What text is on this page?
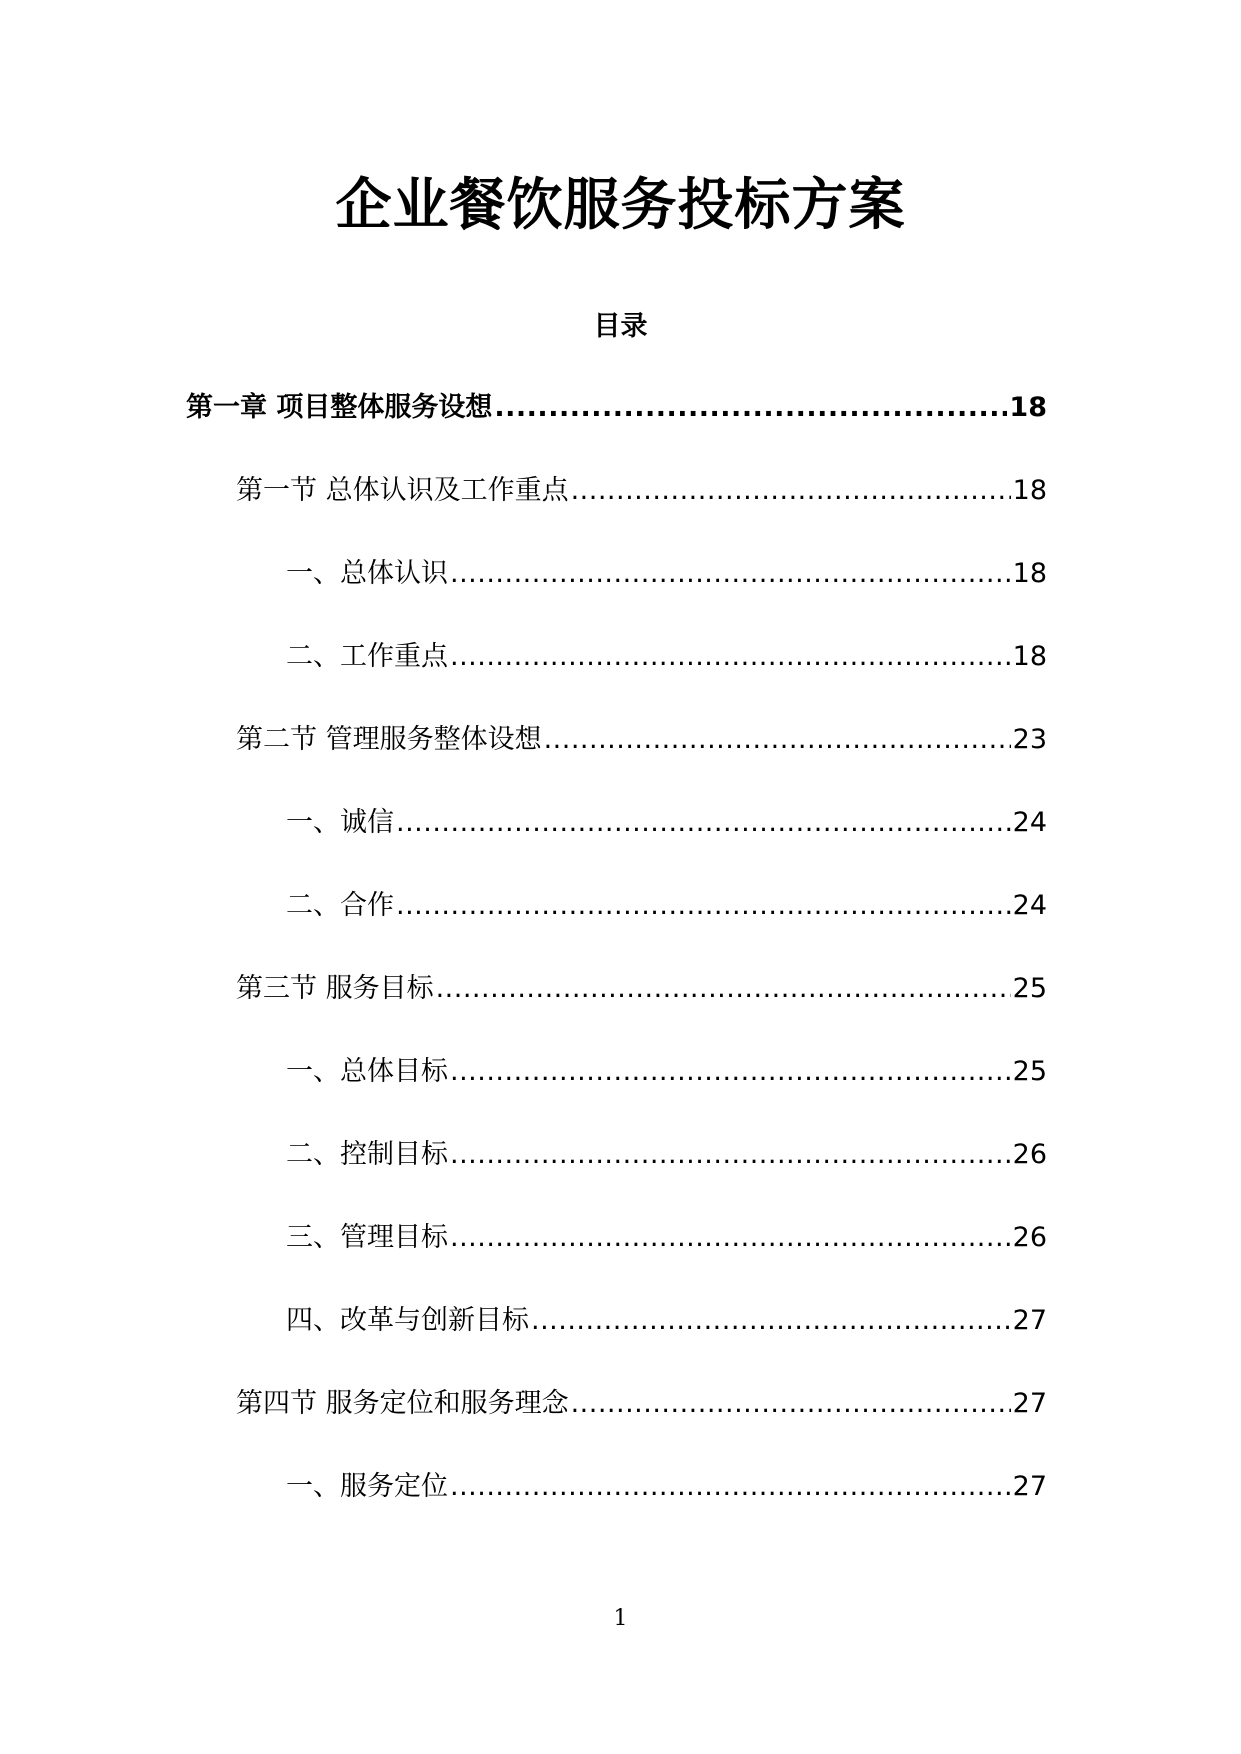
企业餐饮服务投标方案
目录
第一章 项目整体服务设想 .....	18
第一节 总体认识及工作重点 .....	18
一、总体认识 .....	18
二、工作重点 .....	18
第二节 管理服务整体设想 .....	23
一、诚信 .....	24
二、合作 .....	24
第三节 服务目标 .....	25
一、总体目标 .....	25
二、控制目标 .....	26
三、管理目标 .....	26
四、改革与创新目标 .....	27
第四节 服务定位和服务理念 .....	27
一、服务定位 .....	27
1
